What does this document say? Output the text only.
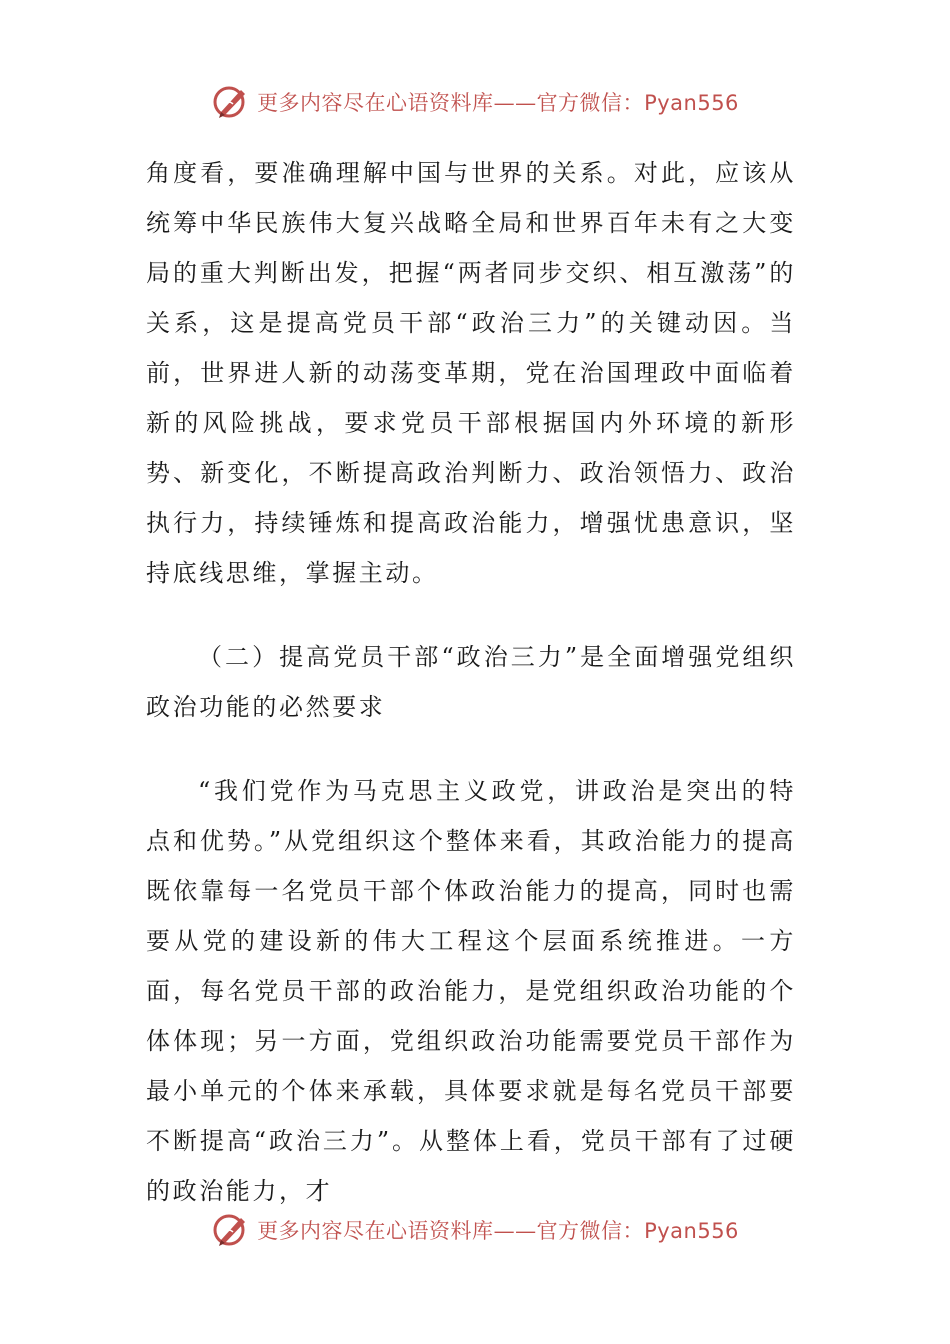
更多内容尽在心语资料库——官方微信：Pyan556

角度看，要准确理解中国与世界的关系。对此，应该从统筹中华民族伟大复兴战略全局和世界百年未有之大变局的重大判断出发，把握“两者同步交织、相互激荡”的关系，这是提高党员干部“政治三力”的关键动因。当前，世界进人新的动荡变革期，党在治国理政中面临着新的风险挑战，要求党员干部根据国内外环境的新形势、新变化，不断提高政治判断力、政治领悟力、政治执行力，持续锤炼和提高政治能力，增强忧患意识，坚持底线思维，掌握主动。

（二）提高党员干部“政治三力”是全面增强党组织政治功能的必然要求

“我们党作为马克思主义政党，讲政治是突出的特点和优势。”从党组织这个整体来看，其政治能力的提高既依靠每一名党员干部个体政治能力的提高，同时也需要从党的建设新的伟大工程这个层面系统推进。一方面，每名党员干部的政治能力，是党组织政治功能的个体体现；另一方面，党组织政治功能需要党员干部作为最小单元的个体来承载，具体要求就是每名党员干部要不断提高“政治三力”。从整体上看，党员干部有了过硬的政治能力，才

更多内容尽在心语资料库——官方微信：Pyan556
